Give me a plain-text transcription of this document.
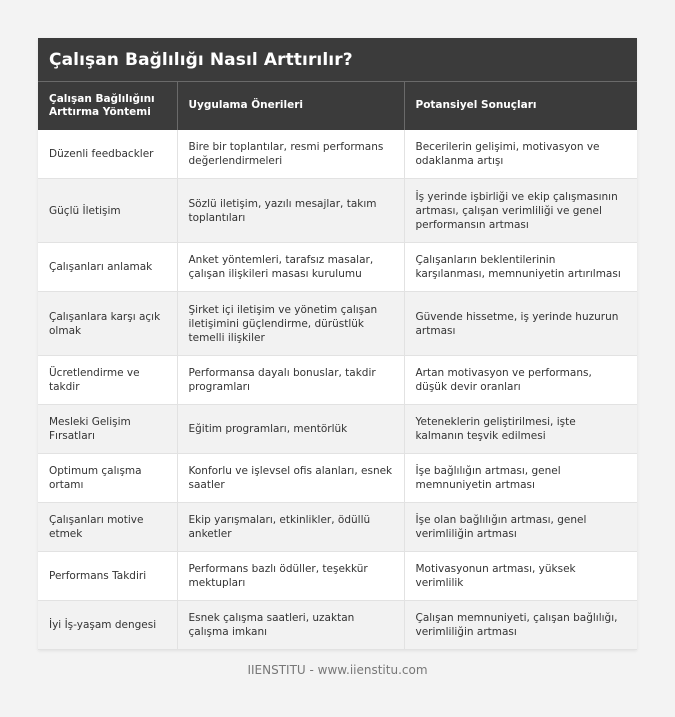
Çalışan Bağlılığı Nasıl Arttırılır?
Çalışan Bağlılığını Arttırma Yöntemi	Uygulama Önerileri	Potansiyel Sonuçları
Düzenli feedbackler	Bire bir toplantılar, resmi performans değerlendirmeleri	Becerilerin gelişimi, motivasyon ve odaklanma artışı
Güçlü İletişim	Sözlü iletişim, yazılı mesajlar, takım toplantıları	İş yerinde işbirliği ve ekip çalışmasının artması, çalışan verimliliği ve genel performansın artması
Çalışanları anlamak	Anket yöntemleri, tarafsız masalar, çalışan ilişkileri masası kurulumu	Çalışanların beklentilerinin karşılanması, memnuniyetin artırılması
Çalışanlara karşı açık olmak	Şirket içi iletişim ve yönetim çalışan iletişimini güçlendirme, dürüstlük temelli ilişkiler	Güvende hissetme, iş yerinde huzurun artması
Ücretlendirme ve takdir	Performansa dayalı bonuslar, takdir programları	Artan motivasyon ve performans, düşük devir oranları
Mesleki Gelişim Fırsatları	Eğitim programları, mentörlük	Yeteneklerin geliştirilmesi, işte kalmanın teşvik edilmesi
Optimum çalışma ortamı	Konforlu ve işlevsel ofis alanları, esnek saatler	İşe bağlılığın artması, genel memnuniyetin artması
Çalışanları motive etmek	Ekip yarışmaları, etkinlikler, ödüllü anketler	İşe olan bağlılığın artması, genel verimliliğin artması
Performans Takdiri	Performans bazlı ödüller, teşekkür mektupları	Motivasyonun artması, yüksek verimlilik
İyi İş-yaşam dengesi	Esnek çalışma saatleri, uzaktan çalışma imkanı	Çalışan memnuniyeti, çalışan bağlılığı, verimliliğin artması
IIENSTITU - www.iienstitu.com
